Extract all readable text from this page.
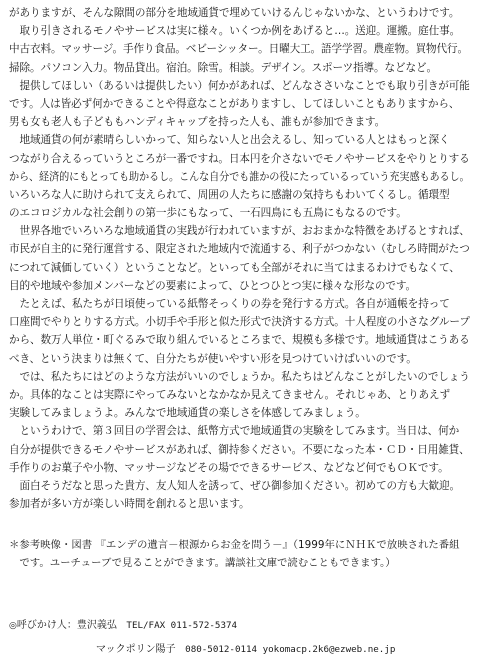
がありますが、そんな隙間の部分を地域通貨で埋めていけるんじゃないかな、というわけです。
　取り引きされるモノやサービスは実に様々。いくつか例をあげると…。送迎。運搬。庭仕事。
中古衣料。マッサージ。手作り食品。ベビーシッター。日曜大工。語学学習。農産物。買物代行。
掃除。パソコン入力。物品貸出。宿泊。除雪。相談。デザイン。スポーツ指導。などなど。
　提供してほしい（あるいは提供したい）何かがあれば、どんなささいなことでも取り引きが可能
です。人は皆必ず何かできることや得意なことがありますし、してほしいこともありますから、
男も女も老人も子どももハンディキャップを持った人も、誰もが参加できます。
　地域通貨の何が素晴らしいかって、知らない人と出会えるし、知っている人とはもっと深く
つながり合えるっていうところが一番ですね。日本円を介さないでモノやサービスをやりとりする
から、経済的にもとっても助かるし。こんな自分でも誰かの役にたっているっていう充実感もあるし。
いろいろな人に助けられて支えられて、周囲の人たちに感謝の気持ちもわいてくるし。循環型
のエコロジカルな社会創りの第一歩にもなって、一石四鳥にも五鳥にもなるのです。
　世界各地でいろいろな地域通貨の実践が行われていますが、おおまかな特徴をあげるとすれば、
市民が自主的に発行運営する、限定された地域内で流通する、利子がつかない（むしろ時間がたつ
につれて減価していく）ということなど。といっても全部がそれに当てはまるわけでもなくて、
目的や地域や参加メンバーなどの要素によって、ひとつひとつ実に様々な形なのです。
　たとえば、私たちが日頃使っている紙幣そっくりの券を発行する方式。各自が通帳を持って
口座間でやりとりする方式。小切手や手形と似た形式で決済する方式。十人程度の小さなグループ
から、数万人単位・町ぐるみで取り組んでいるところまで、規模も多様です。地域通貨はこうある
べき、という決まりは無くて、自分たちが使いやすい形を見つけていけばいいのです。
　では、私たちにはどのような方法がいいのでしょうか。私たちはどんなことがしたいのでしょう
か。具体的なことは実際にやってみないとなかなか見えてきません。それじゃあ、とりあえず
実験してみましょうよ。みんなで地域通貨の楽しさを体感してみましょう。
　というわけで、第３回目の学習会は、紙幣方式で地域通貨の実験をしてみます。当日は、何か
自分が提供できるモノやサービスがあれば、御持参ください。不要になった本・ＣＤ・日用雑貨、
手作りのお菓子や小物、マッサージなどその場でできるサービス、などなど何でもＯＫです。
　面白そうだなと思った貴方、友人知人を誘って、ぜひ御参加ください。初めての方も大歓迎。
参加者が多い方が楽しい時間を創れると思います。
＊参考映像・図書 『エンデの遺言－根源からお金を問う－』（1999年にＮＨＫで放映された番組
　です。ユーチューブで見ることができます。講談社文庫で読むこともできます。）
◎呼びかけ人：豊沢義弘 TEL/FAX 011-572-5374
マックポリン陽子 080-5012-0114 yokomacp.2k6@ezweb.ne.jp
